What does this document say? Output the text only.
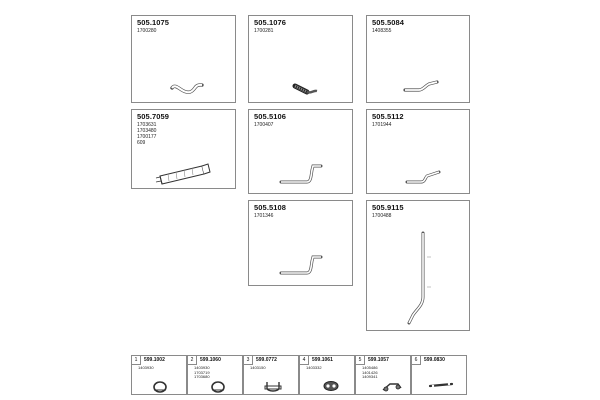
505.1075
1700280
505.1076
1700281
505.5084
1408355
505.7059
1703631
1703480
1700177
609
505.5106
1700407
505.5112
1701944
505.5108
1701346
505.9115
1700488
1	599.1002
1403930
2	599.1060
1403930
1703719
1703680
3	599.0772
1403150
4	599.1061
1403332
5	599.1057
1405486
1401426
1409341
6	599.0830
